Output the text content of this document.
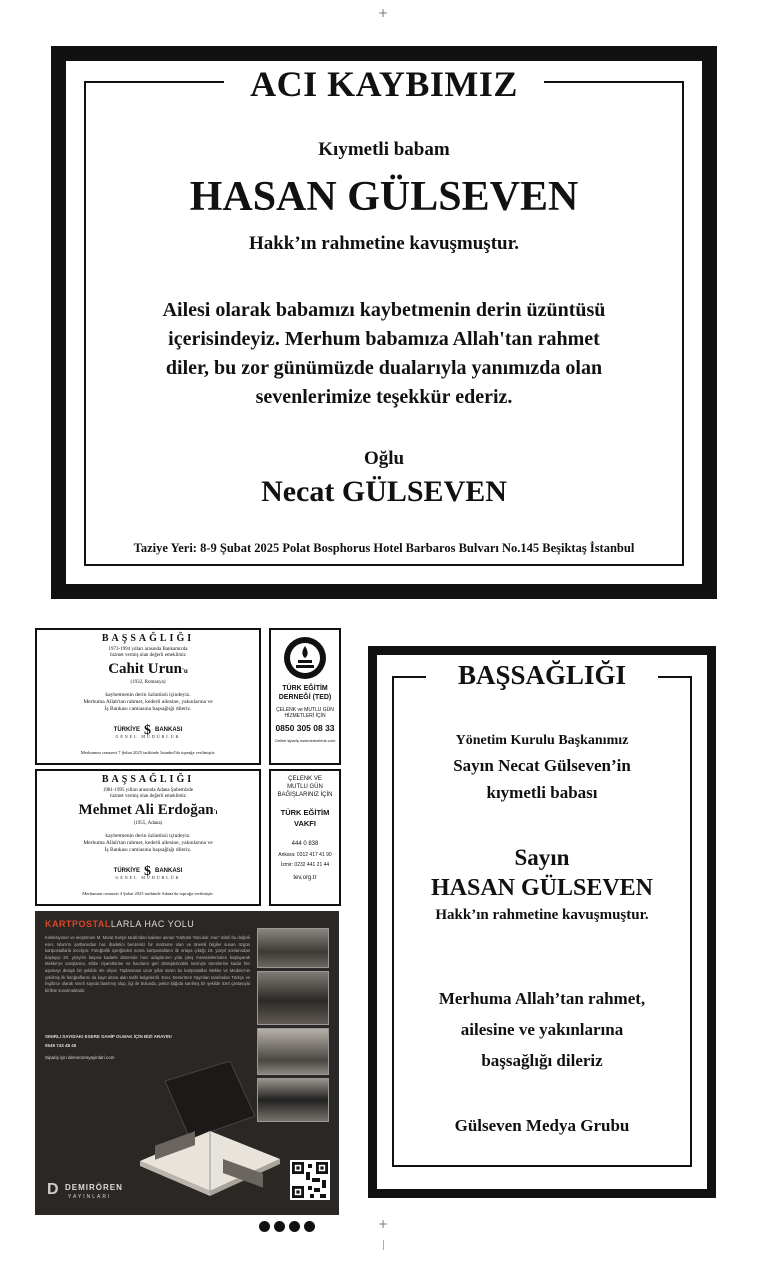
+
+
ACI KAYBIMIZ
Kıymetli babam
HASAN GÜLSEVEN
Hakk’ın rahmetine kavuşmuştur.
Ailesi olarak babamızı kaybetmenin derin üzüntüsü
içerisindeyiz. Merhum babamıza Allah'tan rahmet
diler, bu zor günümüzde dualarıyla yanımızda olan
sevenlerimize teşekkür ederiz.
Oğlu
Necat GÜLSEVEN
Taziye Yeri: 8-9 Şubat 2025 Polat Bosphorus Hotel Barbaros Bulvarı No.145 Beşiktaş İstanbul
BAŞSAĞLIĞI
1973-1994 yılları arasında Bankamızda
hizmet vermiş olan değerli emeklimiz
Cahit Urun'u
(1932, Romanya)
kaybetmenin derin üzüntüsü içindeyiz.
Merhuma Allah'tan rahmet, kederli ailesine, yakınlarına ve
İş Bankası camiasına başsağlığı dileriz.
TÜRKİYE $ BANKASI
GENEL MÜDÜRLÜK
Merhumun cenazesi 7 Şubat 2025 tarihinde İstanbul'da toprağa verilmiştir.
BAŞSAĞLIĞI
1981-1995 yılları arasında Adana Şubemizde
hizmet vermiş olan değerli emeklimiz
Mehmet Ali Erdoğan'ı
(1955, Adana)
kaybetmenin derin üzüntüsü içindeyiz.
Merhuma Allah'tan rahmet, kederli ailesine, yakınlarına ve
İş Bankası camiasına başsağlığı dileriz.
TÜRKİYE $ BANKASI
GENEL MÜDÜRLÜK
Merhumun cenazesi 4 Şubat 2025 tarihinde Adana'da toprağa verilmiştir.
TÜRK EĞİTİM
DERNEĞİ (TED)
ÇELENK ve MUTLU GÜN
HİZMETLERİ İÇİN
0850 305 08 33
Online sipariş www.tedcelenk.com
ÇELENK VE
MUTLU GÜN
BAĞIŞLARINIZ İÇİN
TÜRK EĞİTİM
VAKFI
444 0 838
Ankara: 0312 417 41 90
İzmir: 0232 441 21 44
tev.org.tr
KARTPOSTALLARLA HAC YOLU
Koleksiyoner ve eleştirmen M. Murat Karşılı tarafından kaleme alınan "Kültürel Yolculuk: Hac" isimli bu değerli eser, İslam'ın şartlarından hac ibadetini benzersiz bir malzeme olan ve önemli bilgiler sunan özgün kartpostallarla inceliyor. Fotoğrafik içeriğinden sonra kartpostalların ilk ortaya çıktığı 19. yüzyıl sonlarından başlayıp 20. yüzyılın başına kadarki dönemde hacı adaylarının yola çıkış merasimlerinden başlayarak Mekke'ye varışlarına, Kâbe ziyaretlerine ve hacıların geri dönüşlerindeki sevinçle törenlerine kadar her aşamayı detaylı bir şekilde ele alıyor. Toplanması uzun yıllar süren bu kartpostallar Mekke ve Medine'nin çekilmiş ilk fotoğraflarını da kayıt altına alan tarihi belgelerdir. Eser, Demirören Yayınları tarafından Türkçe ve İngilizce olarak sınırlı sayıda basılmış olup, ilgi ile bulunda, pekür kâğıda sarılmış bir şekilde özel çantasıyla birlikte sunulmaktadır.
SINIRLI SAYIDAKI ESERE SAHİP OLMAK İÇİN BİZİ ARAYIN!
0549 743 48 45
Sipariş için demirorenyayinlari.com
D DEMIRÖREN
YAYINLARI
BAŞSAĞLIĞI
Yönetim Kurulu Başkanımız
Sayın Necat Gülseven’in
kıymetli babası
Sayın
HASAN GÜLSEVEN
Hakk’ın rahmetine kavuşmuştur.
Merhuma Allah’tan rahmet,
ailesine ve yakınlarına
başsağlığı dileriz
Gülseven Medya Grubu
